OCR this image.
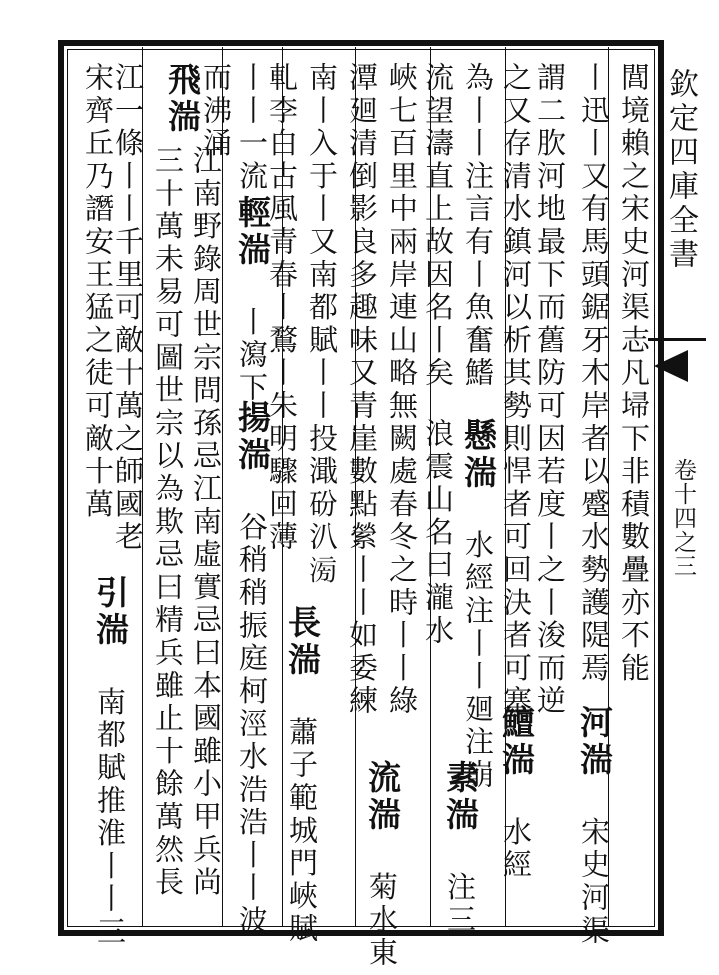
欽定四庫全書
卷十四之三
閭境賴之宋史河渠志凡埽下非積數疊亦不能
丨迅丨又有馬頭鋸牙木岸者以蹙水勢護隄焉
河湍 宋史河渠
謂二肷河地最下而舊防可因若度丨之丨浚而逆
之又存清水鎮河以析其勢則悍者可回決者可塞
鱣湍 水經
為丨丨注言有丨魚奮鰭
懸湍 水經注丨丨廻注崩
流望濤直上故因名丨矣
浪震山名曰瀧水
素湍 注三
峽七百里中兩岸連山略無闕處春冬之時丨丨綠
潭廻清倒影良多趣味又青崖數點縈丨丨如委練
流湍 菊水東
南丨入于丨又南都賦丨丨投濈砏汃𣶢
軋李白古風青春丨鶩丨朱明驟回薄
長湍 蕭子範城門峽賦
丨丨一流
而沸涌
輕湍 丨瀉下
揚湍 谷稍稍振庭柯涇水浩浩丨丨波
飛湍
江南野錄周世宗問孫忌江南虛實忌曰本國雖小甲兵尚
三十萬未易可圖世宗以為欺忌曰精兵雖止十餘萬然長
宋齊丘乃譖安王猛之徒可敵十萬
江一條丨丨千里可敵十萬之師國老
引湍 南都賦推淮丨丨三
